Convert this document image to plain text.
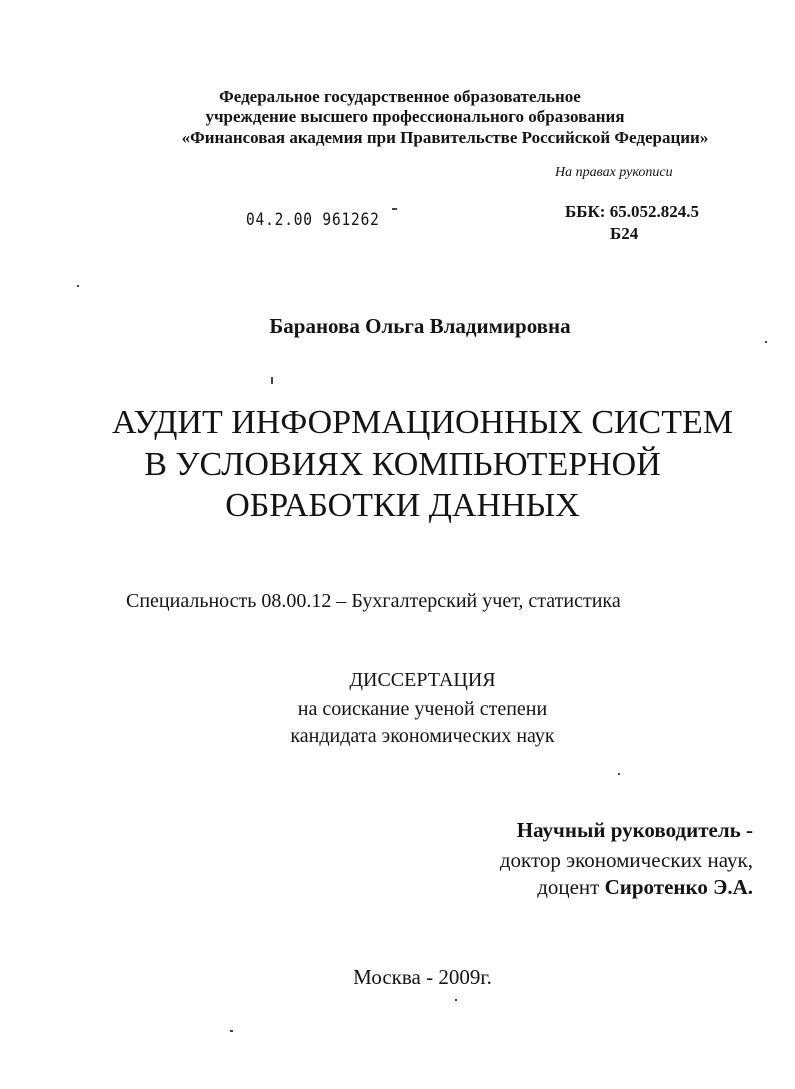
Федеральное государственное образовательное
учреждение высшего профессионального образования
«Финансовая академия при Правительстве Российской Федерации»
На правах рукописи
04.2.00 961262	ББК: 65.052.824.5
Б24
Баранова Ольга Владимировна
АУДИТ ИНФОРМАЦИОННЫХ СИСТЕМ
В УСЛОВИЯХ КОМПЬЮТЕРНОЙ
ОБРАБОТКИ ДАННЫХ
Специальность 08.00.12 – Бухгалтерский учет, статистика
ДИССЕРТАЦИЯ
на соискание ученой степени
кандидата экономических наук
Научный руководитель -
доктор экономических наук,
доцент Сиротенко Э.А.
Москва - 2009г.
